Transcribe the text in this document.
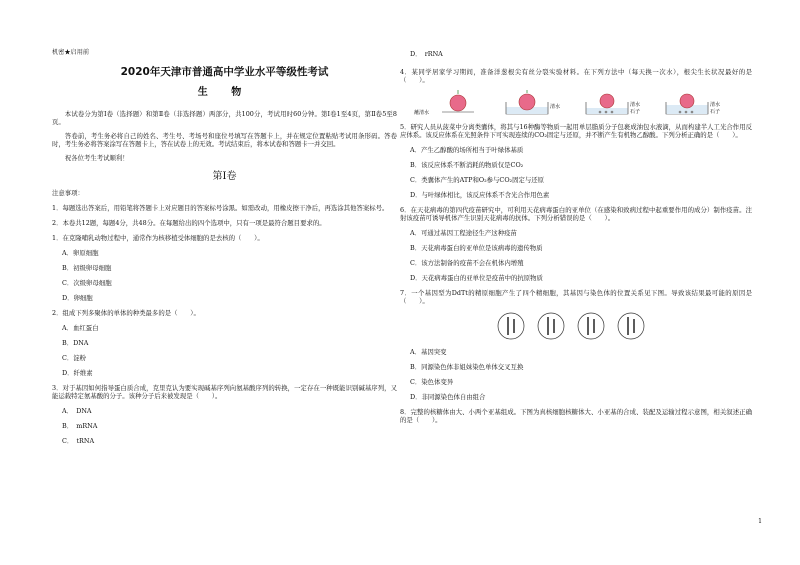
机密★启用前
2020年天津市普通高中学业水平等级性考试
生 物

本试卷分为第Ⅰ卷（选择题）和第Ⅱ卷（非选择题）两部分，共100分，考试用时60分钟。第Ⅰ卷1至4页，第Ⅱ卷5至8页。

答卷前，考生务必将自己的姓名、考生号、考场号和座位号填写在答题卡上，并在规定位置粘贴考试用条形码。答卷时，考生务必将答案涂写在答题卡上，答在试卷上的无效。考试结束后，将本试卷和答题卡一并交回。

祝各位考生考试顺利！

第Ⅰ卷

注意事项：

1．每题选出答案后，用铅笔将答题卡上对应题目的答案标号涂黑。如需改动，用橡皮擦干净后，再选涂其他答案标号。

2．本卷共12题，每题4分，共48分。在每题给出的四个选项中，只有一项是最符合题目要求的。

1．在克隆哺乳动物过程中，通常作为核移植受体细胞的是去核的（　　）。

A．卵原细胞

B．初级卵母细胞

C．次级卵母细胞

D．卵细胞

2．组成下列多聚体的单体的种类最多的是（　　）。

A．血红蛋白

B．DNA

C．淀粉

D．纤维素

3．对于基因如何指导蛋白质合成，克里克认为要实现碱基序列向氨基酸序列的转换，一定存在一种既能识别碱基序列，又能运载特定氨基酸的分子。该种分子后来被发现是（　　）。

A．　DNA

B．　mRNA

C．　tRNA

D．　rRNA

4．某同学居家学习期间，准备洋葱根尖有丝分裂实验材料。在下列方法中（每天换一次水），根尖生长状况最好的是（　　）。

蘸清水
清水	清水
石子
清水
石子

5．研究人员从菠菜中分离类囊体，将其与16种酶等物质一起用单层脂质分子包裹成油包水液滴，从而构建半人工光合作用反应体系。该反应体系在光照条件下可实现连续的CO₂固定与还原，并不断产生有机物乙醇酸。下列分析正确的是（　　）。

A．产生乙醇酸的场所相当于叶绿体基质

B．该反应体系不断消耗的物质仅是CO₂

C．类囊体产生的ATP和O₂参与CO₂固定与还原

D．与叶绿体相比，该反应体系不含光合作用色素

6．在天花病毒的第四代疫苗研究中，可利用天花病毒蛋白的亚单位（在感染和致病过程中起重要作用的成分）制作疫苗。注射该疫苗可诱导机体产生识别天花病毒的抗体。下列分析错误的是（　　）。

A．可通过基因工程途径生产这种疫苗

B．天花病毒蛋白的亚单位是该病毒的遗传物质

C．该方法制备的疫苗不会在机体内增殖

D．天花病毒蛋白的亚单位是疫苗中的抗原物质

7．一个基因型为DdTt的精原细胞产生了四个精细胞，其基因与染色体的位置关系见下图。导致该结果最可能的原因是（　　）。

A．基因突变

B．同源染色体非姐妹染色单体交叉互换

C．染色体变异

D．非同源染色体自由组合

8．完整的核糖体由大、小两个亚基组成。下图为真核细胞核糖体大、小亚基的合成、装配及运输过程示意图，相关叙述正确的是（　　）。

1
